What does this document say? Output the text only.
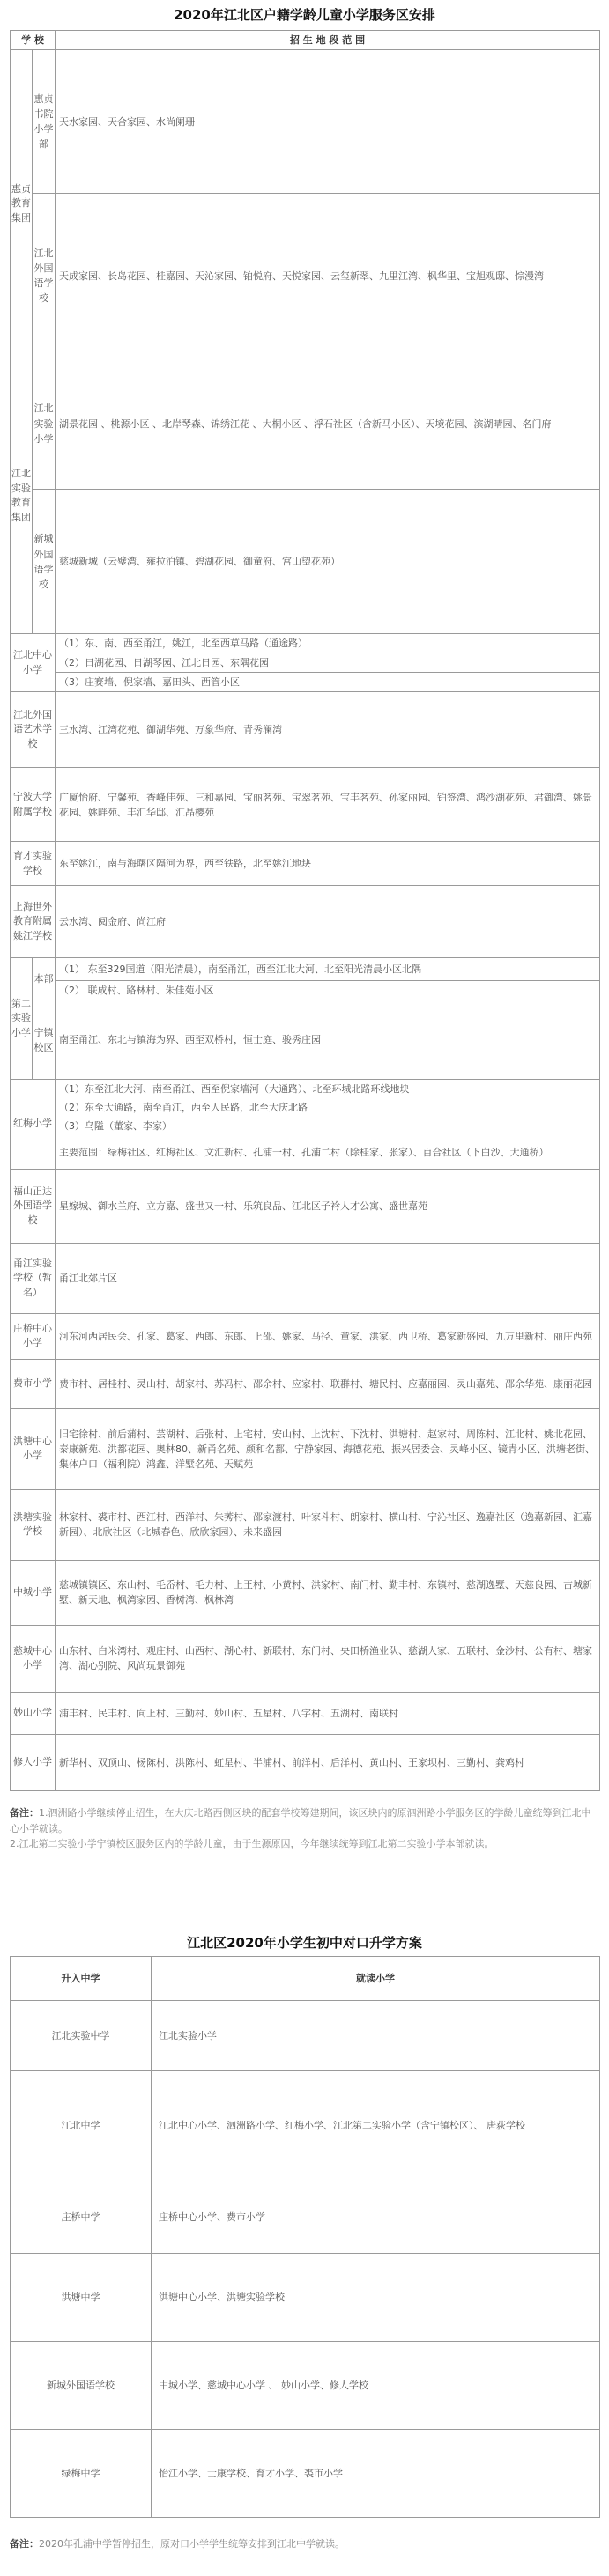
2020年江北区户籍学龄儿童小学服务区安排
学 校		招 生 地 段 范 围
惠贞教育集团	惠贞书院小学部	天水家园、天合家园、水尚阑珊
	江北外国语学校	天成家园、长岛花园、桂嘉园、天沁家园、铂悦府、天悦家园、云玺新翠、九里江湾、枫华里、宝旭观邸、悰漫湾
江北实验教育集团	江北实验小学	湖景花园 、桃源小区 、北岸琴森、锦绣江花 、大桐小区 、浮石社区（含新马小区）、天境花园、滨湖晴园、名门府
	新城外国语学校	慈城新城（云璧湾、雍拉泊镇、碧湖花园、御童府、宫山望花苑）
江北中心小学		（1）东、南、西至甬江，姚江，北至西草马路（通途路）
		（2）日湖花园、日湖琴园、江北日园、东隅花园
		（3）庄赛墙、倪家墙、嘉田头、西管小区
江北外国语艺术学校		三水湾、江湾花苑、御湖华苑、万象华府、青秀澜湾
宁波大学附属学校		广厦怡府、宁馨苑、香峰佳苑、三和嘉园、宝丽茗苑、宝翠茗苑、宝丰茗苑、孙家丽园、铂签湾、鸿沙湖花苑、君御湾、姚景花园、姚畔苑、丰汇华邸、汇晶樱苑
育才实验学校		东至姚江，南与海曙区隔河为界，西至铁路，北至姚江地块
上海世外教育附属姚江学校		云水湾、阅金府、尚江府
第二实验小学	本部	（1） 东至329国道（阳光清晨），南至甬江，西至江北大河、北至阳光清晨小区北隅
		（2） 联成村、路林村、朱佳苑小区
	宁镇校区	南至甬江、东北与镇海为界、西至双桥村，恒士庭、骏秀庄园
红梅小学		（1）东至江北大河、南至甬江、西至倪家墙河（大通路）、北至环城北路环线地块
		（2）东至大通路，南至甬江，西至人民路，北至大庆北路
		（3）乌隘（董家、李家）
		主要范围：绿梅社区、红梅社区、文汇新村、孔浦一村、孔浦二村（除桂家、张家）、百合社区（下白沙、大通桥）
福山正达外国语学校		星嫁城、御水兰府、立方嘉、盛世又一村、乐筑良品、江北区子衿人才公寓、盛世嘉苑
甬江实验学校（暂名）		甬江北郊片区
庄桥中心小学		河东河西居民会、孔家、葛家、西郎、东郎、上邵、姚家、马径、童家、洪家、西卫桥、葛家新盛园、九万里新村、丽庄西苑
费市小学		费市村、居桂村、灵山村、胡家村、苏冯村、邵余村、应家村、联群村、塘民村、应嘉丽园、灵山嘉苑、邵余华苑、康丽花园
洪塘中心小学		旧宅徐村、前后蒲村、芸湖村、后张村、上宅村、安山村、上沈村、下沈村、洪塘村、赵家村、周陈村、江北村、姚北花园、泰康新苑、洪都花园、奥林80、新甬名苑、颜和名都、宁静家园、海德花苑、振兴居委会、灵峰小区、镜青小区、洪塘老街、集体户口（福利院）鸿鑫、洋墅名苑、天赋苑
洪塘实验学校		林家村、裘市村、西江村、西洋村、朱莠村、邵家渡村、叶家斗村、朗家村、横山村、宁沁社区、逸嘉社区（逸嘉新园、汇嘉新园）、北欣社区（北城春色、欣欣家园）、未来盛园
中城小学		慈城镇镇区、东山村、毛岙村、毛力村、上王村、小黄村、洪家村、南门村、勤丰村、东镇村、慈湖逸墅、天慈良园、古城新墅、新天地、枫湾家园、香树湾、枫林湾
慈城中心小学		山东村、白米湾村、观庄村、山西村、湖心村、新联村、东门村、央田桥渔业队、慈湖人家、五联村、金沙村、公有村、塘家湾、湖心别院、风尚玩景御苑
妙山小学		浦丰村、民丰村、向上村、三勤村、妙山村、五星村、八字村、五湖村、南联村
修人小学		新华村、双顶山、杨陈村、洪陈村、虹星村、半浦村、前洋村、后洋村、黄山村、王家坝村、三勤村、龚鸡村
备注：1.泗洲路小学继续停止招生，在大庆北路西侧区块的配套学校筹建期间，该区块内的原泗洲路小学服务区的学龄儿童统筹到江北中心小学就读。
2.江北第二实验小学宁镇校区服务区内的学龄儿童，由于生源原因，今年继续统筹到江北第二实验小学本部就读。
江北区2020年小学生初中对口升学方案
升入中学	就读小学
江北实验中学	江北实验小学
江北中学	江北中心小学、泗洲路小学、红梅小学、江北第二实验小学（含宁镇校区）、 唐荻学校
庄桥中学	庄桥中心小学、费市小学
洪塘中学	洪塘中心小学、洪塘实验学校
新城外国语学校	中城小学、慈城中心小学 、 妙山小学、修人学校
绿梅中学	怡江小学、士康学校、育才小学、裘市小学
备注：2020年孔浦中学暂停招生，原对口小学学生统筹安排到江北中学就读。
